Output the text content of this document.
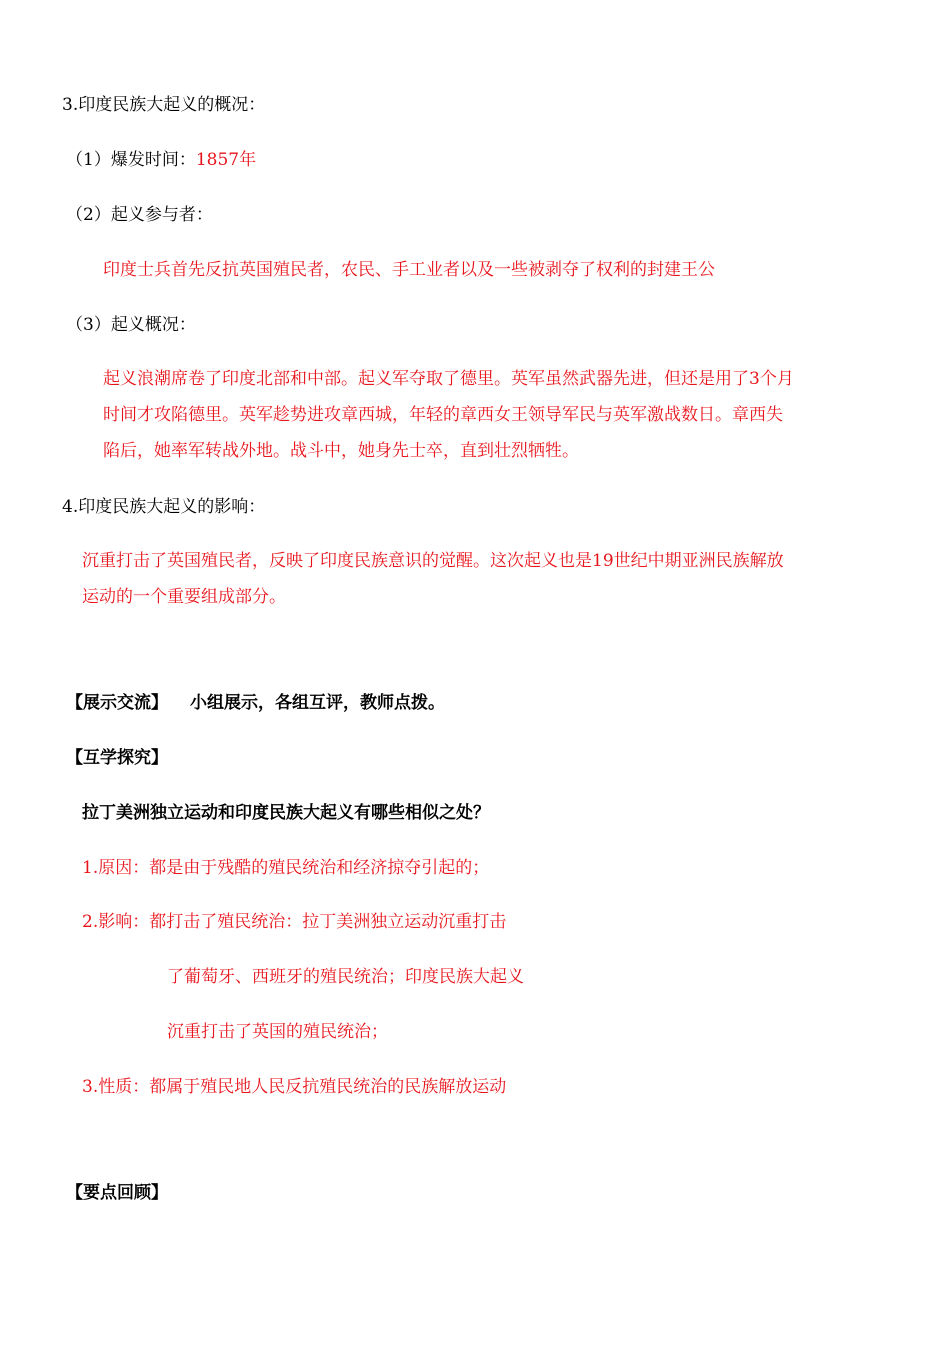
3.印度民族大起义的概况：
（1）爆发时间：1857年
（2）起义参与者：
印度士兵首先反抗英国殖民者，农民、手工业者以及一些被剥夺了权利的封建王公
（3）起义概况：
起义浪潮席卷了印度北部和中部。起义军夺取了德里。英军虽然武器先进，但还是用了3个月
时间才攻陷德里。英军趁势进攻章西城，年轻的章西女王领导军民与英军激战数日。章西失
陷后，她率军转战外地。战斗中，她身先士卒，直到壮烈牺牲。
4.印度民族大起义的影响：
沉重打击了英国殖民者，反映了印度民族意识的觉醒。这次起义也是19世纪中期亚洲民族解放
运动的一个重要组成部分。
【展示交流】 小组展示，各组互评，教师点拨。
【互学探究】
拉丁美洲独立运动和印度民族大起义有哪些相似之处？
1.原因：都是由于残酷的殖民统治和经济掠夺引起的；
2.影响：都打击了殖民统治：拉丁美洲独立运动沉重打击
了葡萄牙、西班牙的殖民统治；印度民族大起义
沉重打击了英国的殖民统治；
3.性质：都属于殖民地人民反抗殖民统治的民族解放运动
【要点回顾】
